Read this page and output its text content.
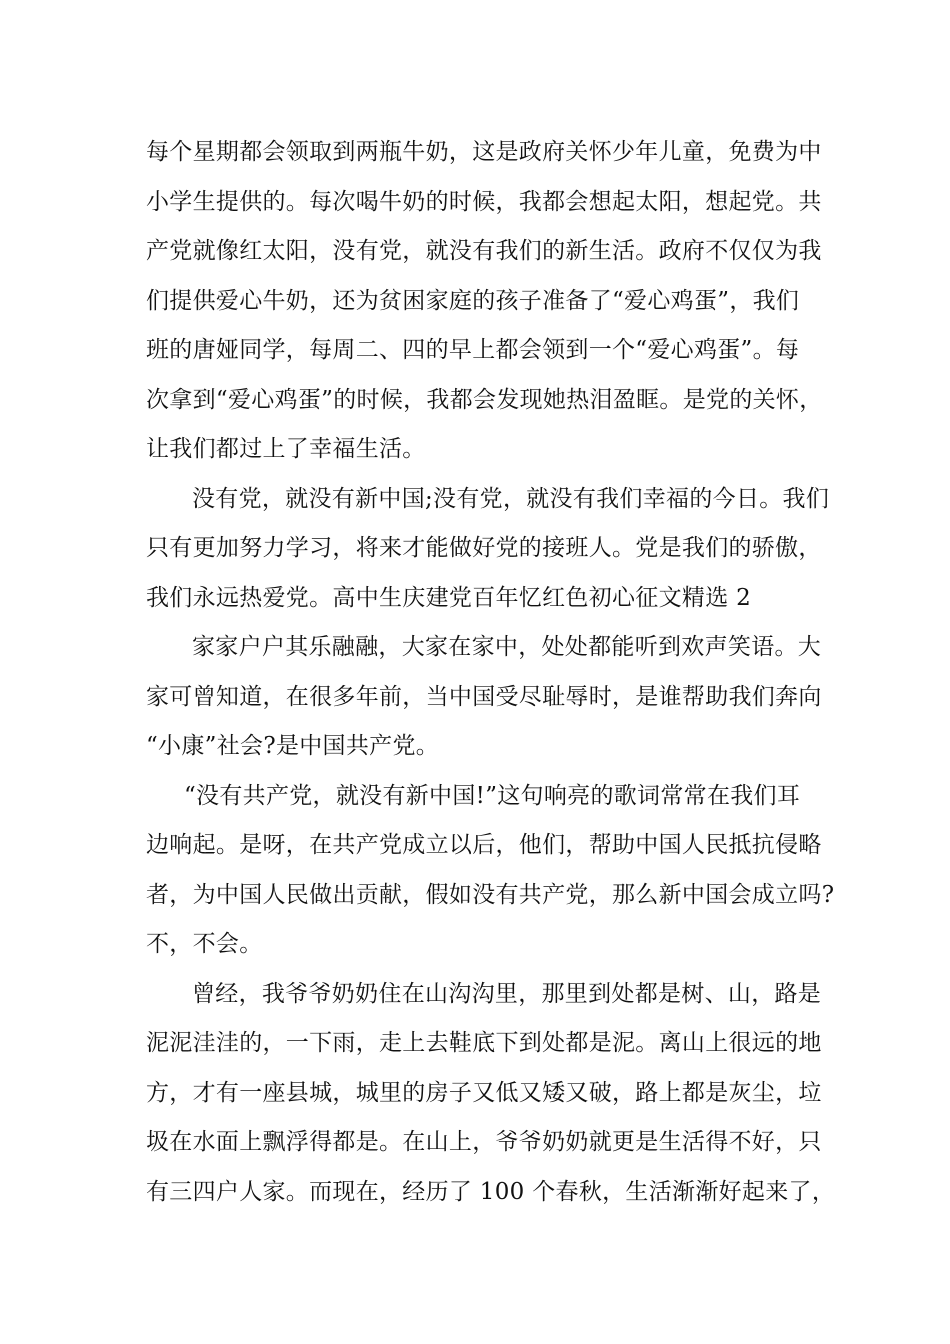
每个星期都会领取到两瓶牛奶，这是政府关怀少年儿童，免费为中
小学生提供的。每次喝牛奶的时候，我都会想起太阳，想起党。共
产党就像红太阳，没有党，就没有我们的新生活。政府不仅仅为我
们提供爱心牛奶，还为贫困家庭的孩子准备了“爱心鸡蛋”，我们
班的唐娅同学，每周二、四的早上都会领到一个“爱心鸡蛋”。每
次拿到“爱心鸡蛋”的时候，我都会发现她热泪盈眶。是党的关怀，
让我们都过上了幸福生活。
没有党，就没有新中国;没有党，就没有我们幸福的今日。我们
只有更加努力学习，将来才能做好党的接班人。党是我们的骄傲，
我们永远热爱党。高中生庆建党百年忆红色初心征文精选 2
家家户户其乐融融，大家在家中，处处都能听到欢声笑语。大
家可曾知道，在很多年前，当中国受尽耻辱时，是谁帮助我们奔向
“小康”社会?是中国共产党。
“没有共产党，就没有新中国!”这句响亮的歌词常常在我们耳
边响起。是呀，在共产党成立以后，他们，帮助中国人民抵抗侵略
者，为中国人民做出贡献，假如没有共产党，那么新中国会成立吗?
不，不会。
曾经，我爷爷奶奶住在山沟沟里，那里到处都是树、山，路是
泥泥洼洼的，一下雨，走上去鞋底下到处都是泥。离山上很远的地
方，才有一座县城，城里的房子又低又矮又破，路上都是灰尘，垃
圾在水面上飘浮得都是。在山上，爷爷奶奶就更是生活得不好，只
有三四户人家。而现在，经历了 100 个春秋，生活渐渐好起来了，
